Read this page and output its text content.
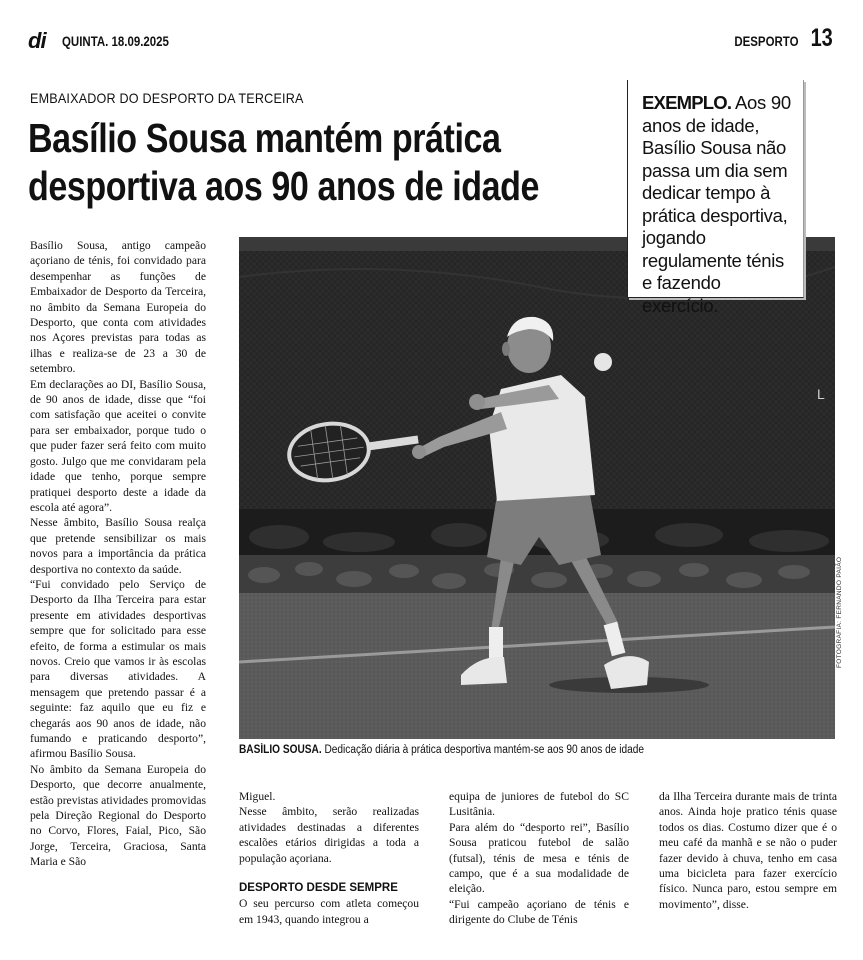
di QUINTA. 18.09.2025	DESPORTO 13
EMBAIXADOR DO DESPORTO DA TERCEIRA
Basílio Sousa mantém prática
desportiva aos 90 anos de idade
L
FOTOGRAFIA: FERNANDO PAIÃO
BASÍLIO SOUSA. Dedicação diária à prática desportiva mantém-se aos 90 anos de idade

EXEMPLO. Aos 90 anos de idade, Basílio Sousa não passa um dia sem dedicar tempo à prática desportiva, jogando regulamente ténis e fazendo exercício.

Basílio Sousa, antigo campeão açoriano de ténis, foi convidado para desempenhar as funções de Embaixador de Desporto da Terceira, no âmbito da Semana Europeia do Desporto, que conta com atividades nos Açores previstas para todas as ilhas e realiza-se de 23 a 30 de setembro.

Em declarações ao DI, Basílio Sousa, de 90 anos de idade, disse que “foi com satisfação que aceitei o convite para ser embaixador, porque tudo o que puder fazer será feito com muito gosto. Julgo que me convidaram pela idade que tenho, porque sempre pratiquei desporto deste a idade da escola até agora”.

Nesse âmbito, Basílio Sousa realça que pretende sensibilizar os mais novos para a importância da prática desportiva no contexto da saúde.

“Fui convidado pelo Serviço de Desporto da Ilha Terceira para estar presente em atividades desportivas sempre que for solicitado para esse efeito, de forma a estimular os mais novos. Creio que vamos ir às escolas para diversas atividades. A mensagem que pretendo passar é a seguinte: faz aquilo que eu fiz e chegarás aos 90 anos de idade, não fumando e praticando desporto”, afirmou Basílio Sousa.

No âmbito da Semana Europeia do Desporto, que decorre anualmente, estão previstas atividades promovidas pela Direção Regional do Desporto no Corvo, Flores, Faial, Pico, São Jorge, Terceira, Graciosa, Santa Maria e São

Miguel.

Nesse âmbito, serão realizadas atividades destinadas a diferentes escalões etários dirigidas a toda a população açoriana.

DESPORTO DESDE SEMPRE

O seu percurso com atleta começou em 1943, quando integrou a

equipa de juniores de futebol do SC Lusitânia.

Para além do “desporto rei”, Basílio Sousa praticou futebol de salão (futsal), ténis de mesa e ténis de campo, que é a sua modalidade de eleição.

“Fui campeão açoriano de ténis e dirigente do Clube de Ténis

da Ilha Terceira durante mais de trinta anos. Ainda hoje pratico ténis quase todos os dias. Costumo dizer que é o meu café da manhã e se não o puder fazer devido à chuva, tenho em casa uma bicicleta para fazer exercício físico. Nunca paro, estou sempre em movimento”, disse.
